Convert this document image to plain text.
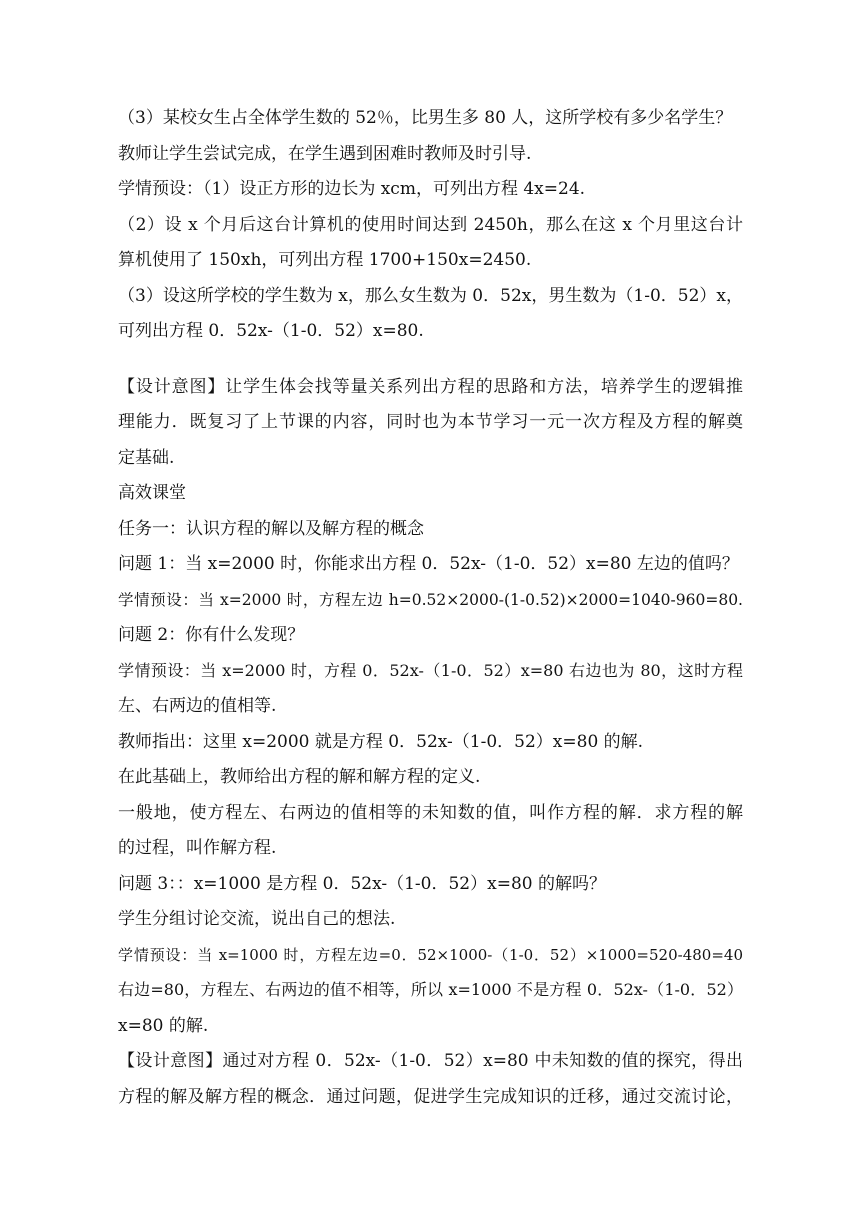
（3）某校女生占全体学生数的 52％，比男生多 80 人，这所学校有多少名学生？
教师让学生尝试完成，在学生遇到困难时教师及时引导.
学情预设：（1）设正方形的边长为 xcm，可列出方程 4x=24.
（2）设 x 个月后这台计算机的使用时间达到 2450h，那么在这 x 个月里这台计
算机使用了 150xh，可列出方程 1700+150x=2450.
（3）设这所学校的学生数为 x，那么女生数为 0．52x，男生数为（1-0．52）x，
可列出方程 0．52x-（1-0．52）x=80.
【设计意图】让学生体会找等量关系列出方程的思路和方法，培养学生的逻辑推
理能力．既复习了上节课的内容，同时也为本节学习一元一次方程及方程的解奠
定基础.
高效课堂
任务一：认识方程的解以及解方程的概念
问题 1：当 x=2000 时，你能求出方程 0．52x-（1-0．52）x=80 左边的值吗？
学情预设：当 x=2000 时，方程左边 h=0.52×2000-(1-0.52)×2000=1040-960=80.
问题 2：你有什么发现？
学情预设：当 x=2000 时，方程 0．52x-（1-0．52）x=80 右边也为 80，这时方程
左、右两边的值相等.
教师指出：这里 x=2000 就是方程 0．52x-（1-0．52）x=80 的解.
在此基础上，教师给出方程的解和解方程的定义.
一般地，使方程左、右两边的值相等的未知数的值，叫作方程的解．求方程的解
的过程，叫作解方程.
问题 3：：x=1000 是方程 0．52x-（1-0．52）x=80 的解吗？
学生分组讨论交流，说出自己的想法.
学情预设：当 x=1000 时，方程左边=0．52×1000-（1-0．52）×1000=520-480=40
右边=80，方程左、右两边的值不相等，所以 x=1000 不是方程 0．52x-（1-0．52）
x=80 的解.
【设计意图】通过对方程 0．52x-（1-0．52）x=80 中未知数的值的探究，得出
方程的解及解方程的概念．通过问题，促进学生完成知识的迁移，通过交流讨论，
